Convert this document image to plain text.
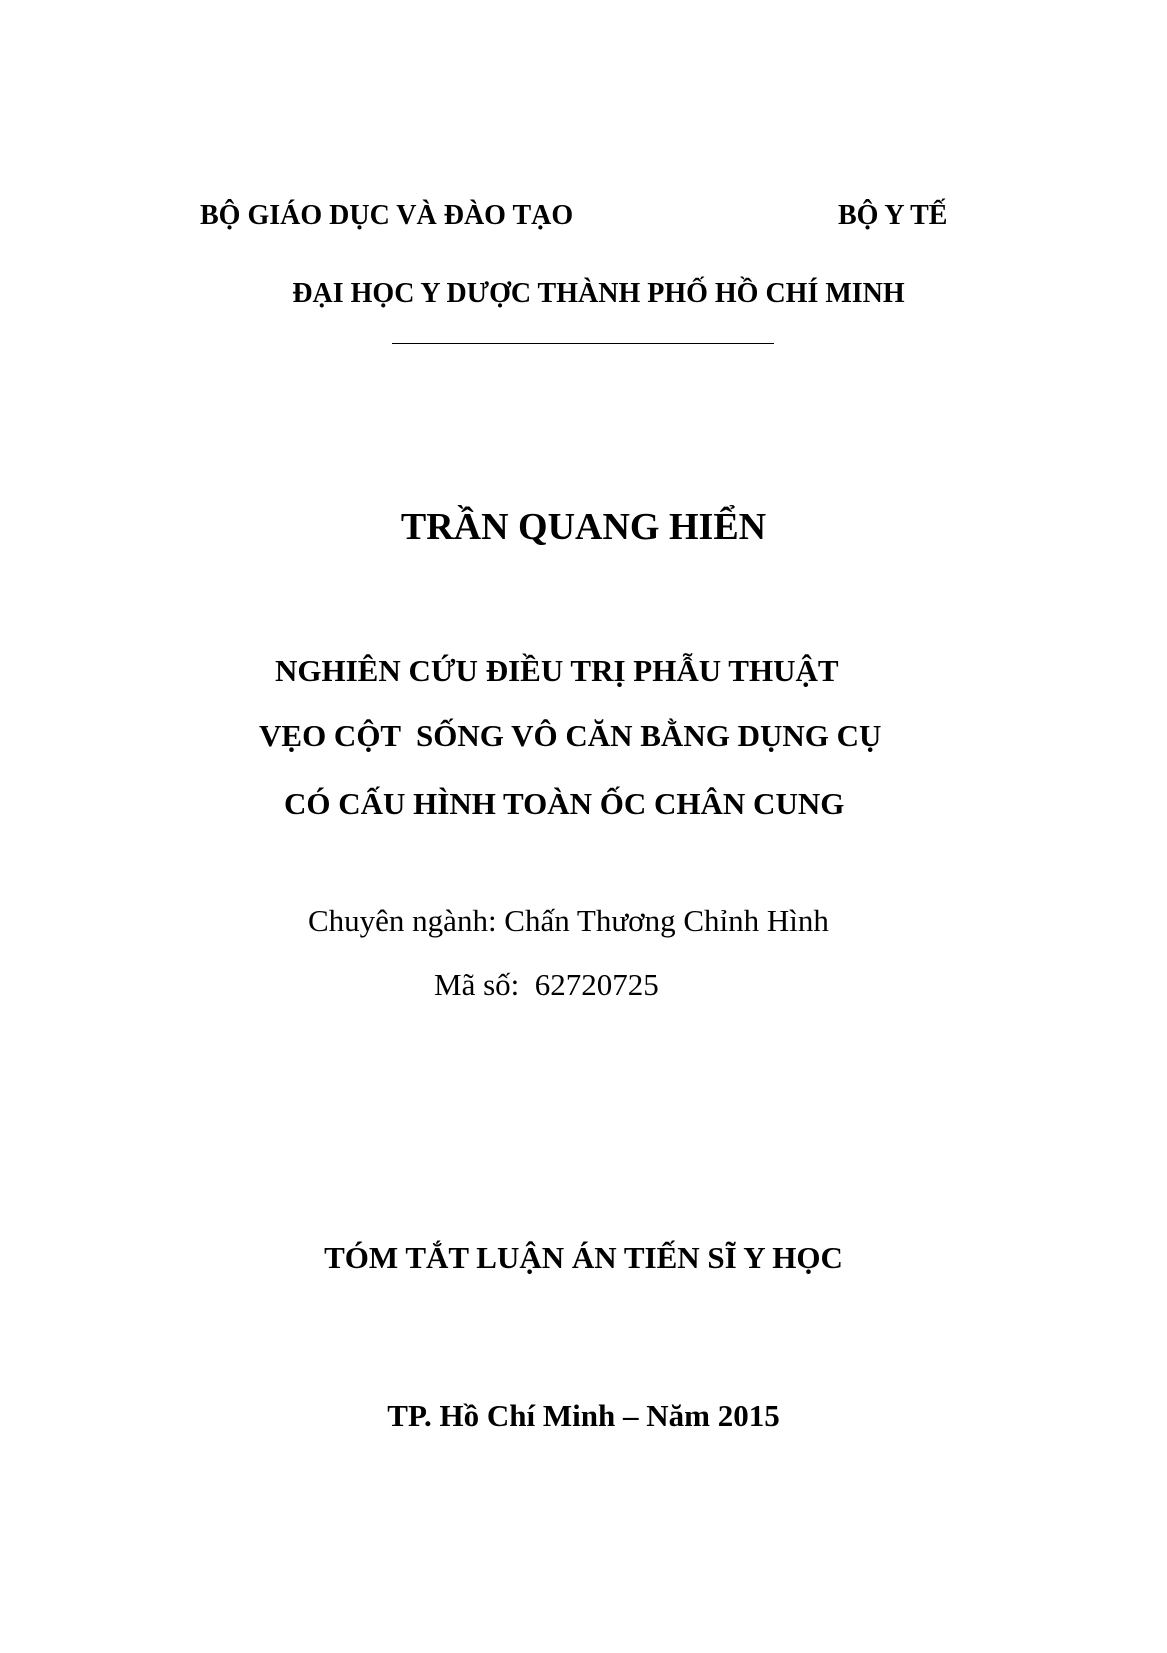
BỘ GIÁO DỤC VÀ ĐÀO TẠO	BỘ Y TẾ
ĐẠI HỌC Y DƯỢC THÀNH PHỐ HỒ CHÍ MINH
TRẦN QUANG HIỂN
NGHIÊN CỨU ĐIỀU TRỊ PHẪU THUẬT
VẸO CỘT  SỐNG VÔ CĂN BẰNG DỤNG CỤ
CÓ CẤU HÌNH TOÀN ỐC CHÂN CUNG
Chuyên ngành: Chấn Thương Chỉnh Hình
Mã số:  62720725
TÓM TẮT LUẬN ÁN TIẾN SĨ Y HỌC
TP. Hồ Chí Minh – Năm 2015
